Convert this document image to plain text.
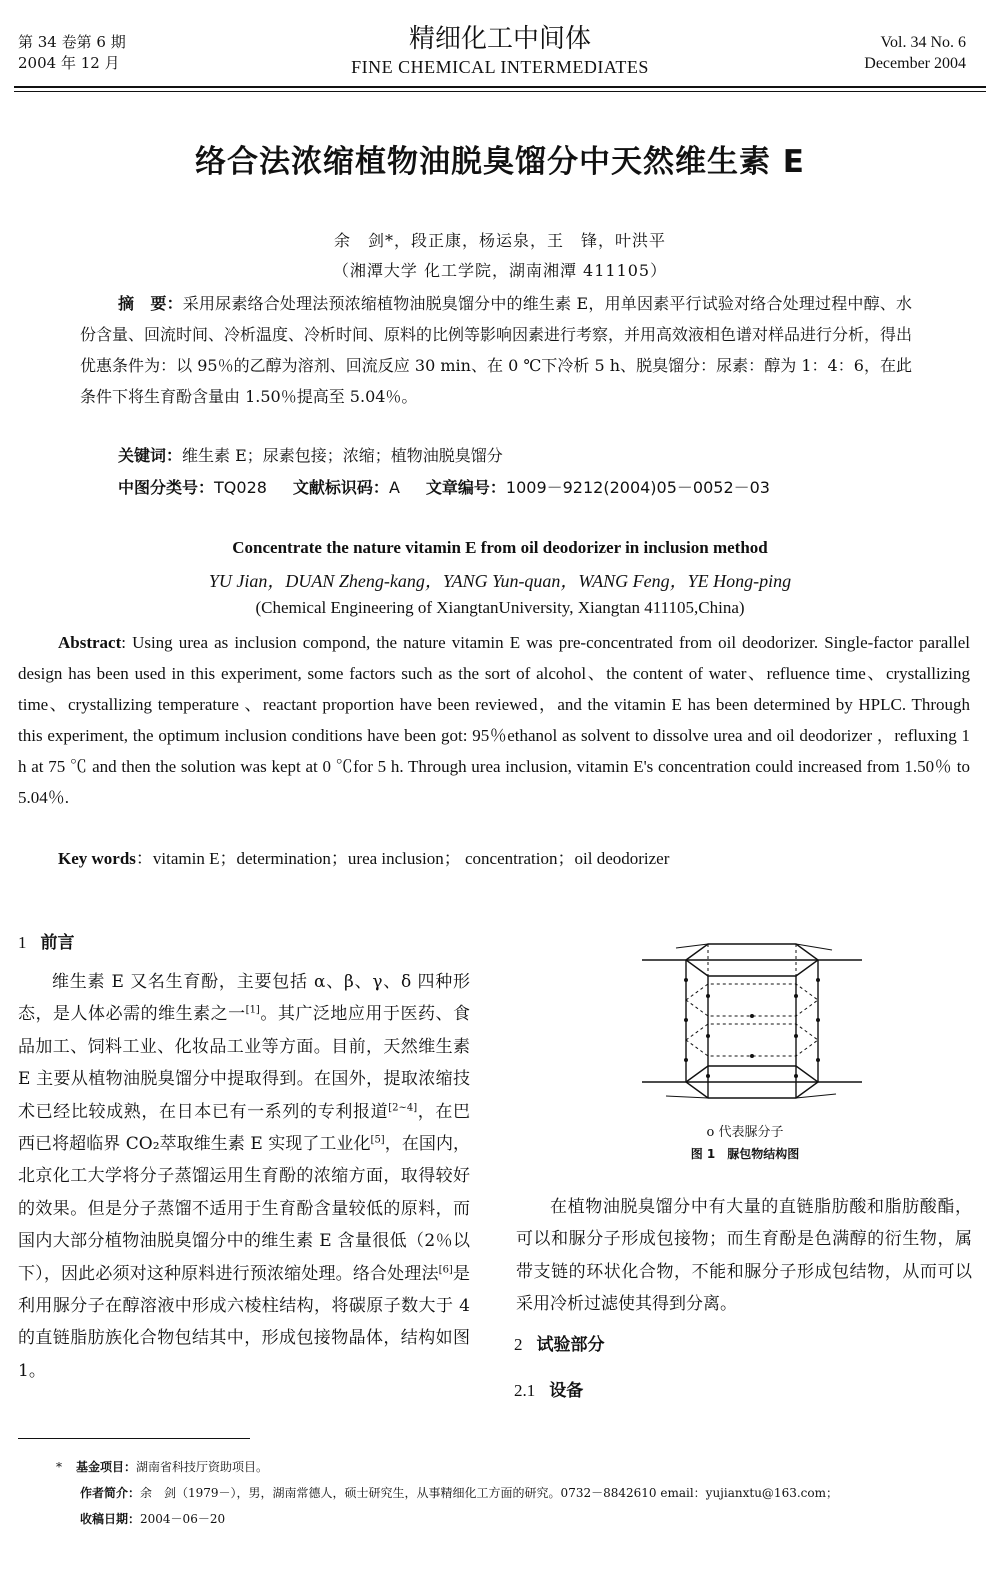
第 34 卷第 6 期
2004 年 12 月
精细化工中间体
FINE CHEMICAL INTERMEDIATES
Vol. 34 No. 6
December 2004
络合法浓缩植物油脱臭馏分中天然维生素 E
余　剑*，段正康，杨运泉，王　锋，叶洪平
（湘潭大学 化工学院，湖南湘潭 411105）
摘　要：采用尿素络合处理法预浓缩植物油脱臭馏分中的维生素 E，用单因素平行试验对络合处理过程中醇、水份含量、回流时间、冷析温度、冷析时间、原料的比例等影响因素进行考察，并用高效液相色谱对样品进行分析，得出优惠条件为：以 95％的乙醇为溶剂、回流反应 30 min、在 0 ℃下冷析 5 h、脱臭馏分：尿素：醇为 1：4：6，在此条件下将生育酚含量由 1.50％提高至 5.04％。
关键词：维生素 E；尿素包接；浓缩；植物油脱臭馏分
中图分类号：TQ028 文献标识码：A 文章编号：1009－9212(2004)05－0052－03
Concentrate the nature vitamin E from oil deodorizer in inclusion method
YU Jian，DUAN Zheng-kang，YANG Yun-quan，WANG Feng，YE Hong-ping
(Chemical Engineering of XiangtanUniversity, Xiangtan 411105,China)
Abstract: Using urea as inclusion compond, the nature vitamin E was pre-concentrated from oil deodorizer. Single-factor parallel design has been used in this experiment, some factors such as the sort of alcohol、the content of water、refluence time、crystallizing time、crystallizing temperature 、reactant proportion have been reviewed，and the vitamin E has been determined by HPLC. Through this experiment, the optimum inclusion conditions have been got: 95％ethanol as solvent to dissolve urea and oil deodorizer ，refluxing 1 h at 75 ℃ and then the solution was kept at 0 ℃for 5 h. Through urea inclusion, vitamin E's concentration could increased from 1.50％ to 5.04％.
Key words：vitamin E；determination；urea inclusion； concentration；oil deodorizer
1 前言
维生素 E 又名生育酚，主要包括 α、β、γ、δ 四种形态，是人体必需的维生素之一[1]。其广泛地应用于医药、食品加工、饲料工业、化妆品工业等方面。目前，天然维生素 E 主要从植物油脱臭馏分中提取得到。在国外，提取浓缩技术已经比较成熟，在日本已有一系列的专利报道[2~4]，在巴西已将超临界 CO₂萃取维生素 E 实现了工业化[5]，在国内，北京化工大学将分子蒸馏运用生育酚的浓缩方面，取得较好的效果。但是分子蒸馏不适用于生育酚含量较低的原料，而国内大部分植物油脱臭馏分中的维生素 E 含量很低（2％以下），因此必须对这种原料进行预浓缩处理。络合处理法[6]是利用脲分子在醇溶液中形成六棱柱结构，将碳原子数大于 4 的直链脂肪族化合物包结其中，形成包接物晶体，结构如图 1。
o 代表脲分子
图 1　脲包物结构图
在植物油脱臭馏分中有大量的直链脂肪酸和脂肪酸酯，可以和脲分子形成包接物；而生育酚是色满醇的衍生物，属带支链的环状化合物，不能和脲分子形成包结物，从而可以采用冷析过滤使其得到分离。
2 试验部分
2.1 设备
* 基金项目：湖南省科技厅资助项目。
作者简介：余　剑（1979－），男，湖南常德人，硕士研究生，从事精细化工方面的研究。0732－8842610 email：yujianxtu@163.com；
收稿日期：2004－06－20
